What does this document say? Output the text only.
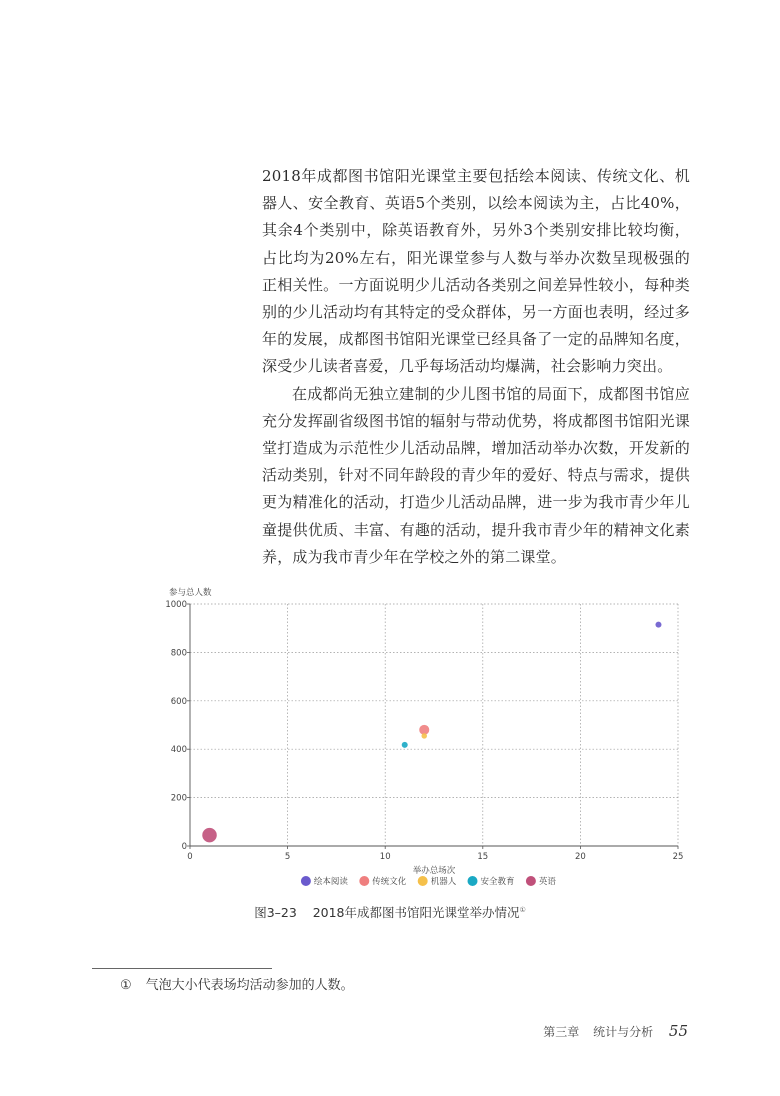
2018年成都图书馆阳光课堂主要包括绘本阅读、传统文化、机器人、安全教育、英语5个类别，以绘本阅读为主，占比40%，其余4个类别中，除英语教育外，另外3个类别安排比较均衡，占比均为20%左右，阳光课堂参与人数与举办次数呈现极强的正相关性。一方面说明少儿活动各类别之间差异性较小，每种类别的少儿活动均有其特定的受众群体，另一方面也表明，经过多年的发展，成都图书馆阳光课堂已经具备了一定的品牌知名度，深受少儿读者喜爱，几乎每场活动均爆满，社会影响力突出。

在成都尚无独立建制的少儿图书馆的局面下，成都图书馆应充分发挥副省级图书馆的辐射与带动优势，将成都图书馆阳光课堂打造成为示范性少儿活动品牌，增加活动举办次数，开发新的活动类别，针对不同年龄段的青少年的爱好、特点与需求，提供更为精准化的活动，打造少儿活动品牌，进一步为我市青少年儿童提供优质、丰富、有趣的活动，提升我市青少年的精神文化素养，成为我市青少年在学校之外的第二课堂。

0	5	10	15	20	25
0
200
400
600
800
1000
参与总人数
举办总场次
绘本阅读	传统文化	机器人	安全教育	英语
图3–23 2018年成都图书馆阳光课堂举办情况①
① 气泡大小代表场均活动参加的人数。
第三章 统计与分析 55
